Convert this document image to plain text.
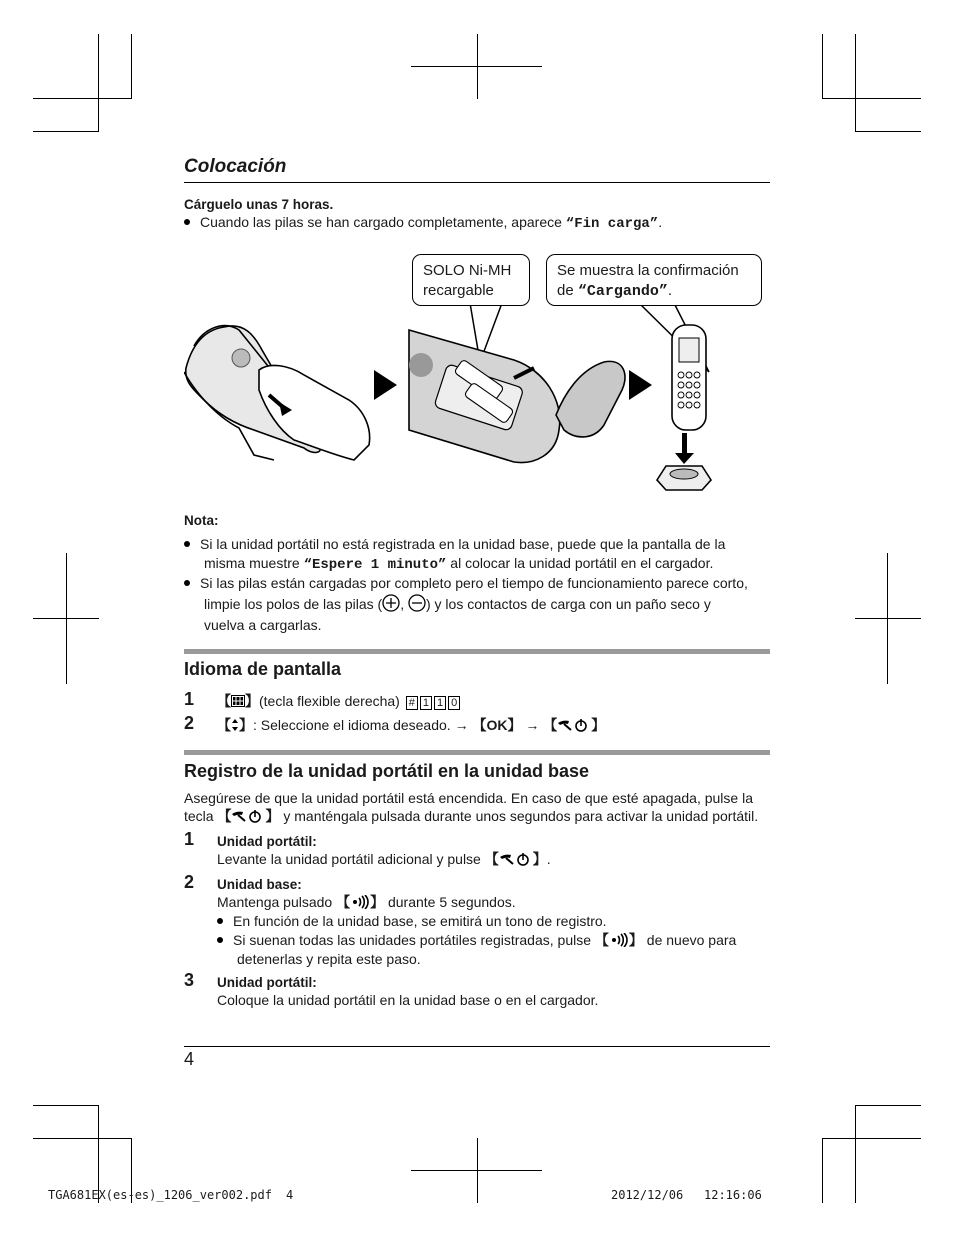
Colocación
Cárguelo unas 7 horas.
Cuando las pilas se han cargado completamente, aparece “Fin carga”.
SOLO Ni-MH
recargable
Se muestra la confirmación
de “Cargando”.
Nota:
Si la unidad portátil no está registrada en la unidad base, puede que la pantalla de la
misma muestre “Espere 1 minuto” al colocar la unidad portátil en el cargador.
Si las pilas están cargadas por completo pero el tiempo de funcionamiento parece corto,
limpie los polos de las pilas ( , ) y los contactos de carga con un paño seco y
vuelva a cargarlas.
Idioma de pantalla
1 【 】(tecla flexible derecha) # 1 1 0
2 【 】: Seleccione el idioma deseado. → 【OK】 → 【 】
Registro de la unidad portátil en la unidad base
Asegúrese de que la unidad portátil está encendida. En caso de que esté apagada, pulse la
tecla 【 】 y manténgala pulsada durante unos segundos para activar la unidad portátil.
1 Unidad portátil:
Levante la unidad portátil adicional y pulse 【 】.
2 Unidad base:
Mantenga pulsado 【 】 durante 5 segundos.
En función de la unidad base, se emitirá un tono de registro.
Si suenan todas las unidades portátiles registradas, pulse 【 】 de nuevo para
detenerlas y repita este paso.
3 Unidad portátil:
Coloque la unidad portátil en la unidad base o en el cargador.
4
TGA681EX(es-es)_1206_ver002.pdf 4	2012/12/06 12:16:06
